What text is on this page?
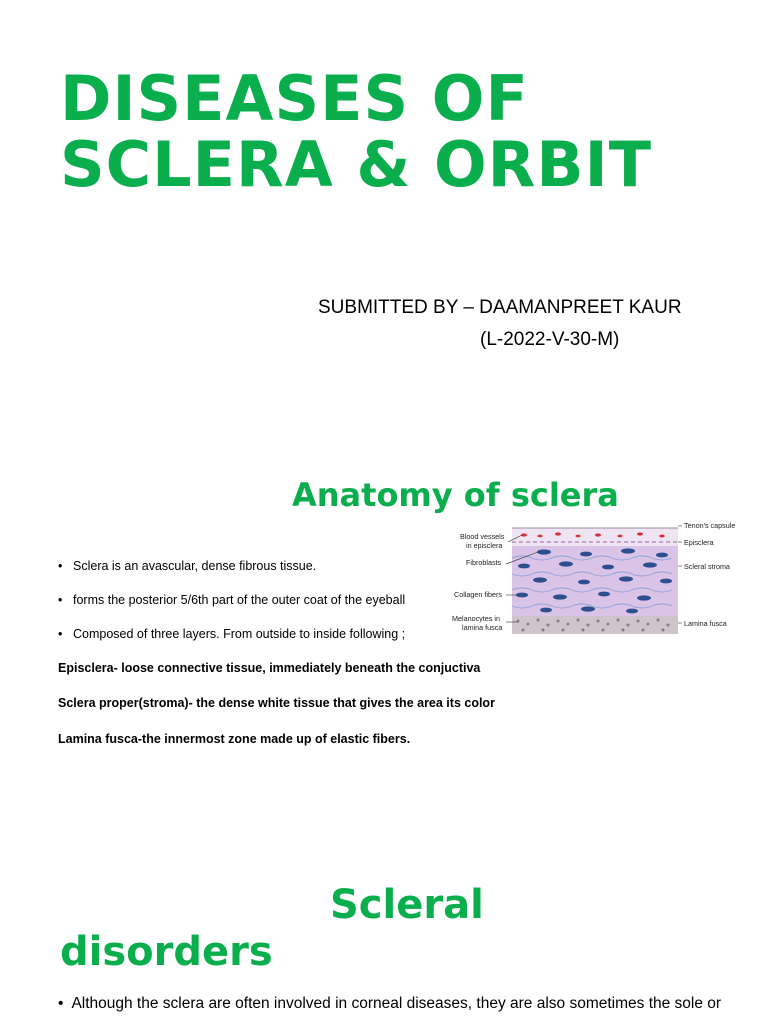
DISEASES OF
SCLERA & ORBIT
SUBMITTED BY – DAAMANPREET KAUR
(L-2022-V-30-M)
Anatomy of sclera
• Sclera is an avascular, dense fibrous tissue.
• forms the posterior 5/6th part of the outer coat of the eyeball
• Composed of three layers. From outside to inside following ;
Episclera- loose connective tissue, immediately beneath the conjuctiva
Sclera proper(stroma)- the dense white tissue that gives the area its color
Lamina fusca-the innermost zone made up of elastic fibers.
Blood vessels
in episclera
Fibroblasts
Collagen fibers
Melanocytes in
lamina fusca
Tenon's capsule
Episclera
Scleral stroma
Lamina fusca
Scleral
disorders
• Although the sclera are often involved in corneal diseases, they are also sometimes the sole or
